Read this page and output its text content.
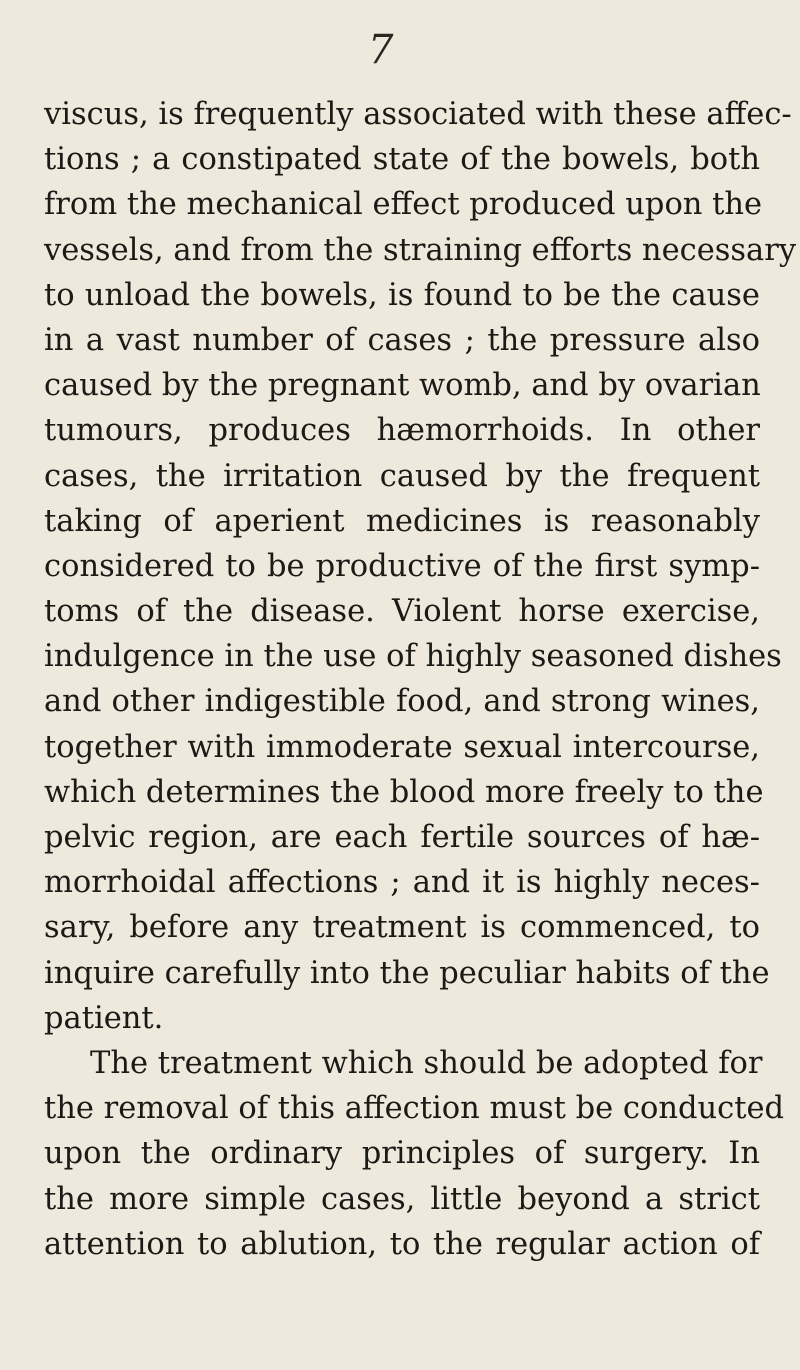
7
viscus, is frequently associated with these affec-
tions ; a constipated state of the bowels, both
from the mechanical effect produced upon the
vessels, and from the straining efforts necessary
to unload the bowels, is found to be the cause
in a vast number of cases ; the pressure also
caused by the pregnant womb, and by ovarian
tumours, produces hæmorrhoids. In other
cases, the irritation caused by the frequent
taking of aperient medicines is reasonably
considered to be productive of the first symp-
toms of the disease. Violent horse exercise,
indulgence in the use of highly seasoned dishes
and other indigestible food, and strong wines,
together with immoderate sexual intercourse,
which determines the blood more freely to the
pelvic region, are each fertile sources of hæ-
morrhoidal affections ; and it is highly neces-
sary, before any treatment is commenced, to
inquire carefully into the peculiar habits of the
patient.
The treatment which should be adopted for
the removal of this affection must be conducted
upon the ordinary principles of surgery. In
the more simple cases, little beyond a strict
attention to ablution, to the regular action of
